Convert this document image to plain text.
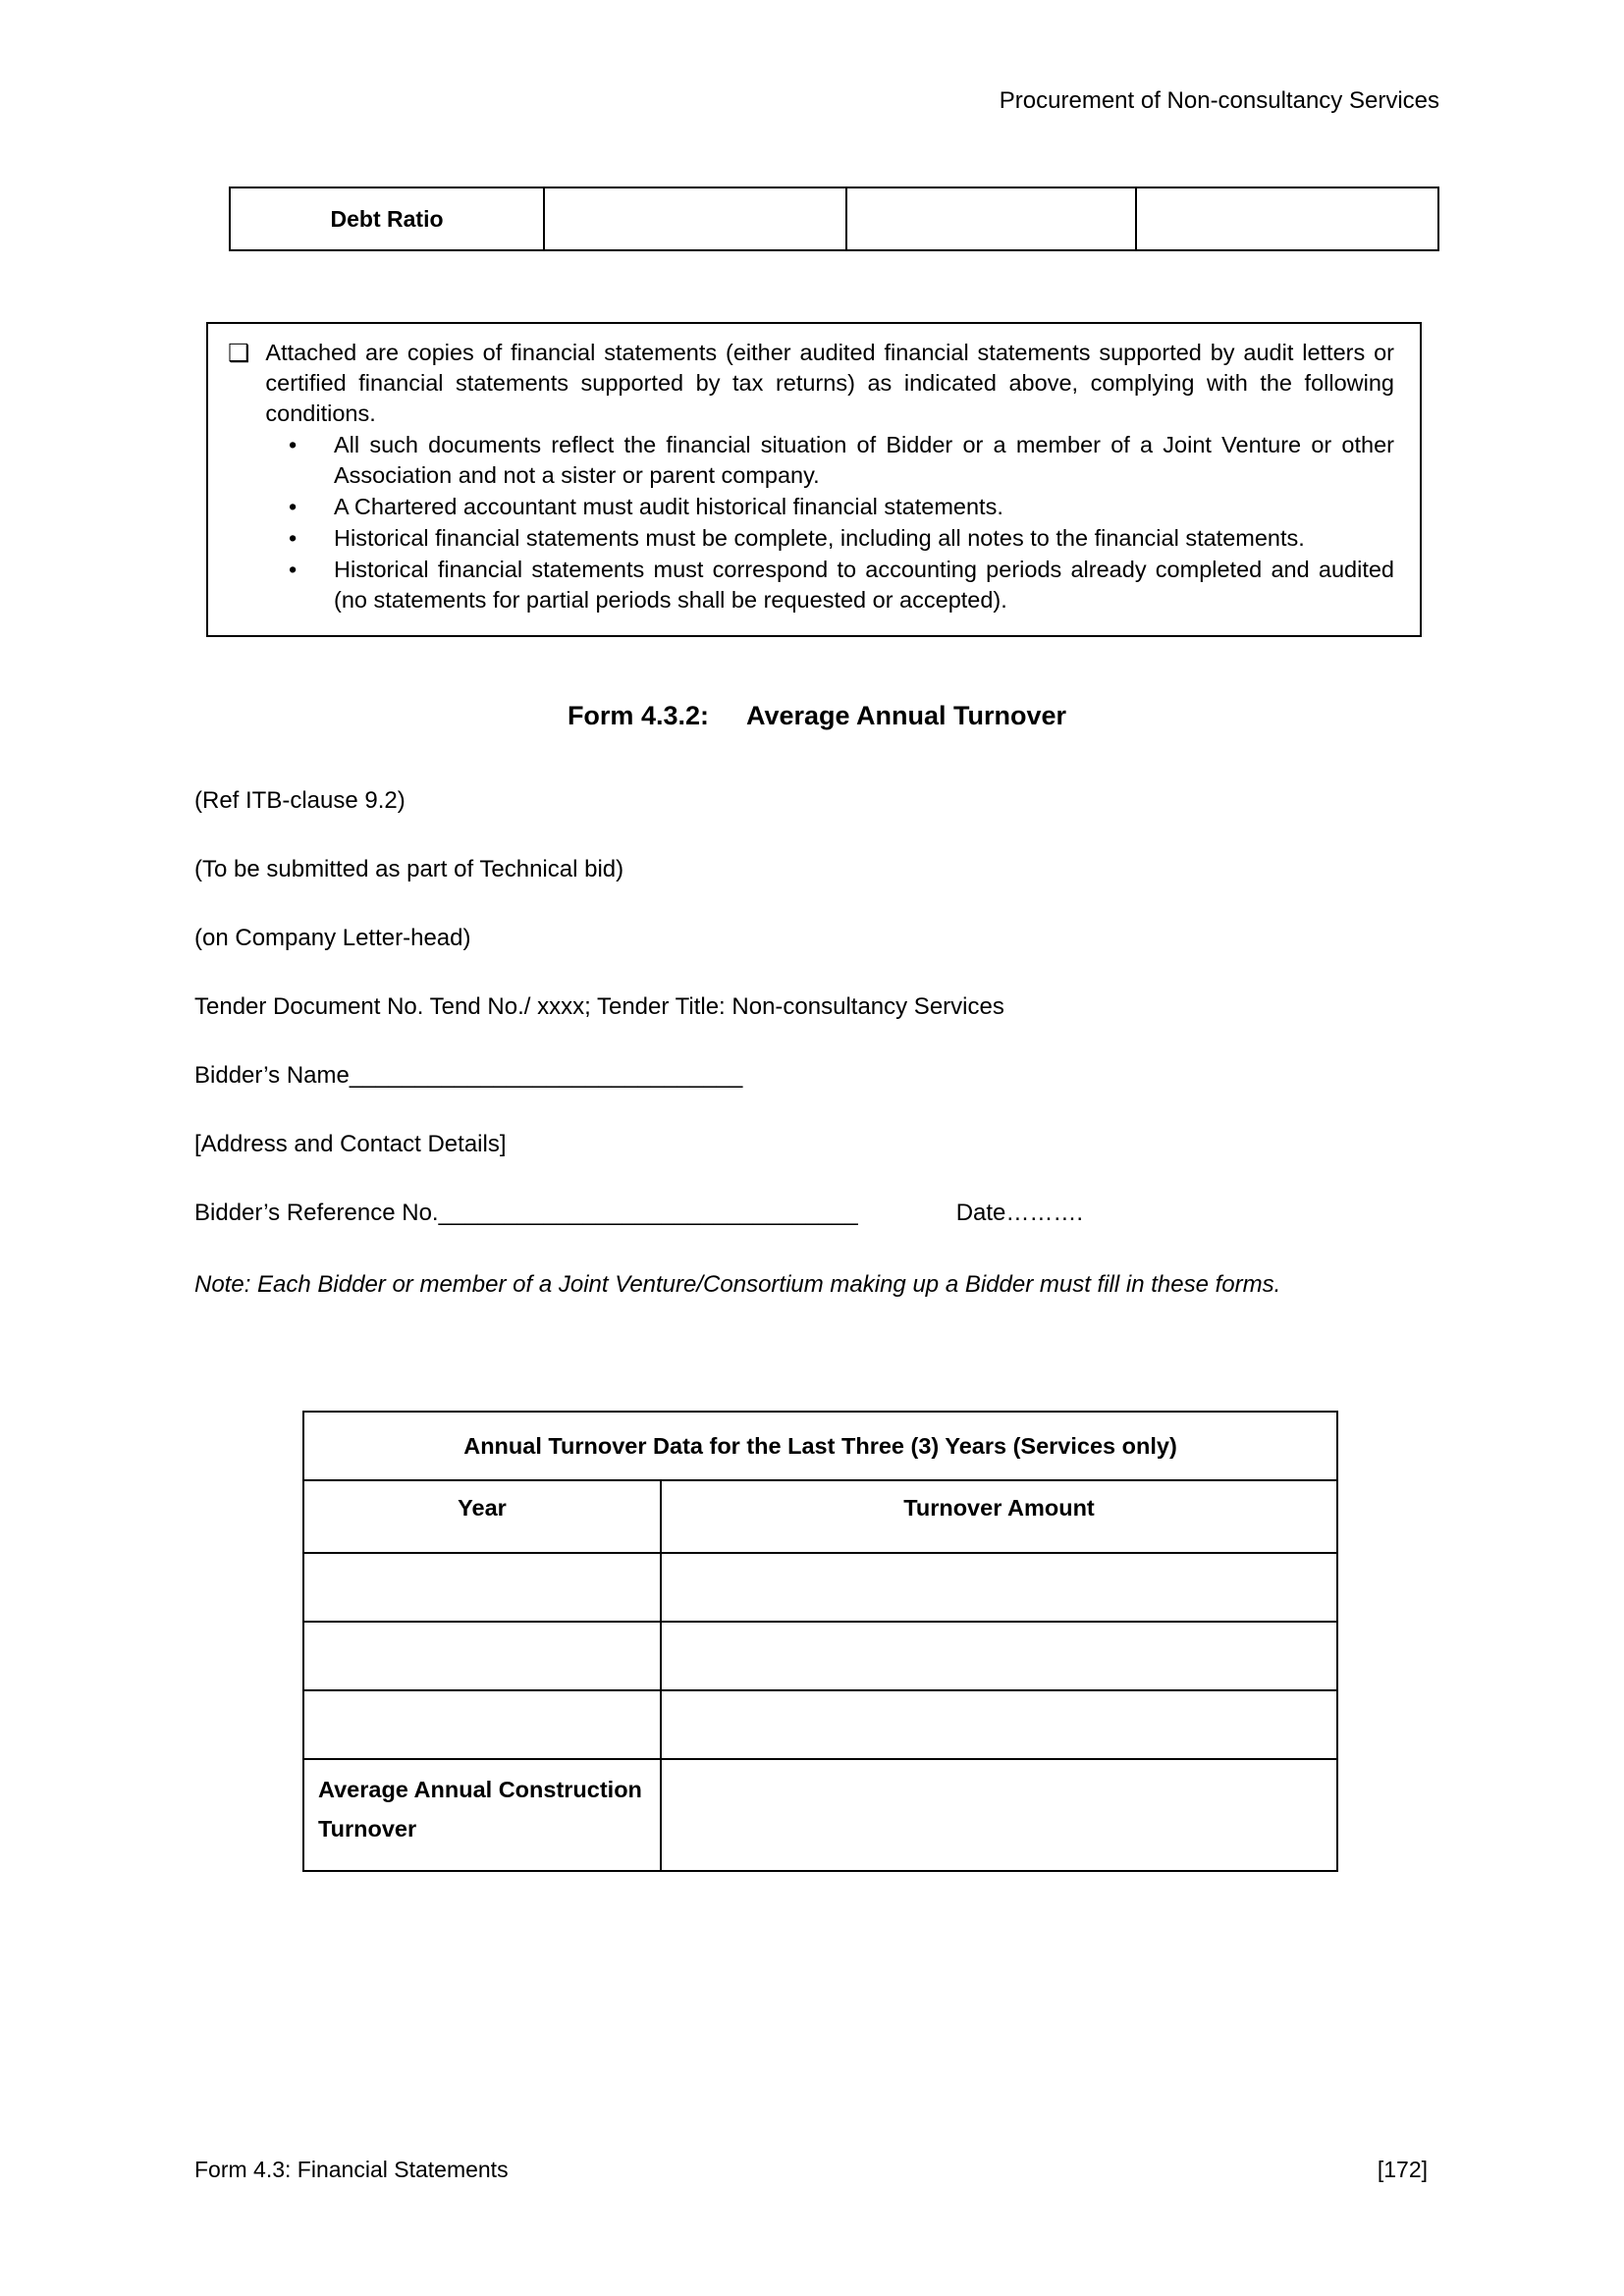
Procurement of Non-consultancy Services
Debt Ratio			
❑ Attached are copies of financial statements (either audited financial statements supported by audit letters or certified financial statements supported by tax returns) as indicated above, complying with the following conditions.
•	All such documents reflect the financial situation of Bidder or a member of a Joint Venture or other Association and not a sister or parent company.
•	A Chartered accountant must audit historical financial statements.
•	Historical financial statements must be complete, including all notes to the financial statements.
•	Historical financial statements must correspond to accounting periods already completed and audited (no statements for partial periods shall be requested or accepted).
Form 4.3.2: Average Annual Turnover

(Ref ITB-clause 9.2)

(To be submitted as part of Technical bid)

(on Company Letter-head)

Tender Document No. Tend No./ xxxx; Tender Title: Non-consultancy Services

Bidder’s Name______________________________

[Address and Contact Details]

Bidder’s Reference No.________________________________	Date……….

Note: Each Bidder or member of a Joint Venture/Consortium making up a Bidder must fill in these forms.

Annual Turnover Data for the Last Three (3) Years (Services only)	
Year	Turnover Amount

Average Annual Construction Turnover	
Form 4.3: Financial Statements	[172]
